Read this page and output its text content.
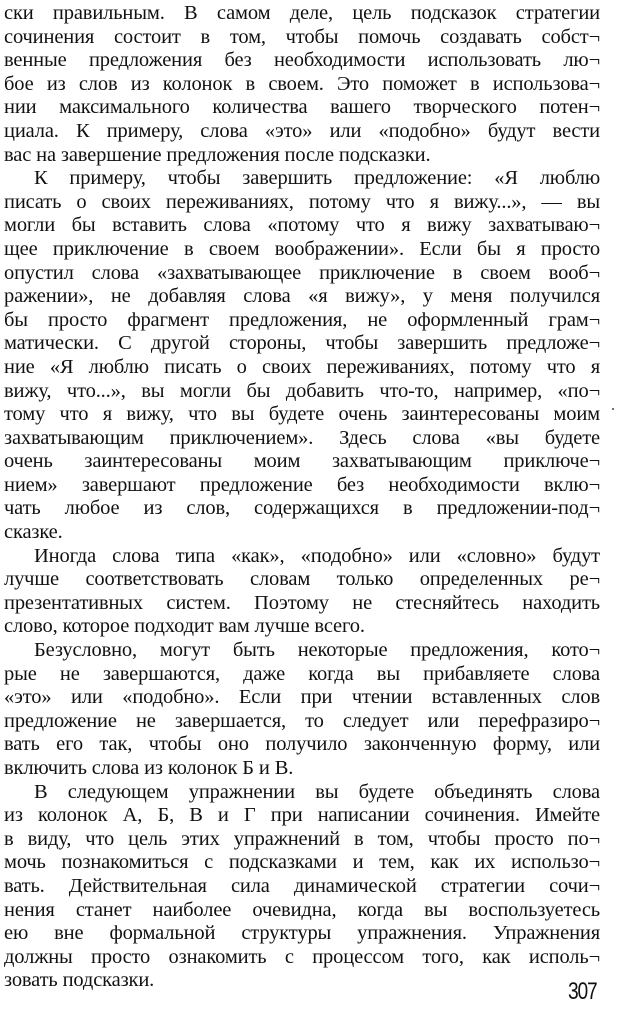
ски правильным. В самом деле, цель подсказок стратегии
сочинения состоит в том, чтобы помочь создавать собст¬
венные предложения без необходимости использовать лю¬
бое из слов из колонок в своем. Это поможет в использова¬
нии максимального количества вашего творческого потен¬
циала. К примеру, слова «это» или «подобно» будут вести
вас на завершение предложения после подсказки.
К примеру, чтобы завершить предложение: «Я люблю
писать о своих переживаниях, потому что я вижу...», — вы
могли бы вставить слова «потому что я вижу захватываю¬
щее приключение в своем воображении». Если бы я просто
опустил слова «захватывающее приключение в своем вооб¬
ражении», не добавляя слова «я вижу», у меня получился
бы просто фрагмент предложения, не оформленный грам¬
матически. С другой стороны, чтобы завершить предложе¬
ние «Я люблю писать о своих переживаниях, потому что я
вижу, что...», вы могли бы добавить что-то, например, «по¬
тому что я вижу, что вы будете очень заинтересованы моим
захватывающим приключением». Здесь слова «вы будете
очень заинтересованы моим захватывающим приключе¬
нием» завершают предложение без необходимости вклю¬
чать любое из слов, содержащихся в предложении-под¬
сказке.
Иногда слова типа «как», «подобно» или «словно» будут
лучше соответствовать словам только определенных ре¬
презентативных систем. Поэтому не стесняйтесь находить
слово, которое подходит вам лучше всего.
Безусловно, могут быть некоторые предложения, кото¬
рые не завершаются, даже когда вы прибавляете слова
«это» или «подобно». Если при чтении вставленных слов
предложение не завершается, то следует или перефразиро¬
вать его так, чтобы оно получило законченную форму, или
включить слова из колонок Б и В.
В следующем упражнении вы будете объединять слова
из колонок А, Б, В и Г при написании сочинения. Имейте
в виду, что цель этих упражнений в том, чтобы просто по¬
мочь познакомиться с подсказками и тем, как их использо¬
вать. Действительная сила динамической стратегии сочи¬
нения станет наиболее очевидна, когда вы воспользуетесь
ею вне формальной структуры упражнения. Упражнения
должны просто ознакомить с процессом того, как исполь¬
зовать подсказки.	307
